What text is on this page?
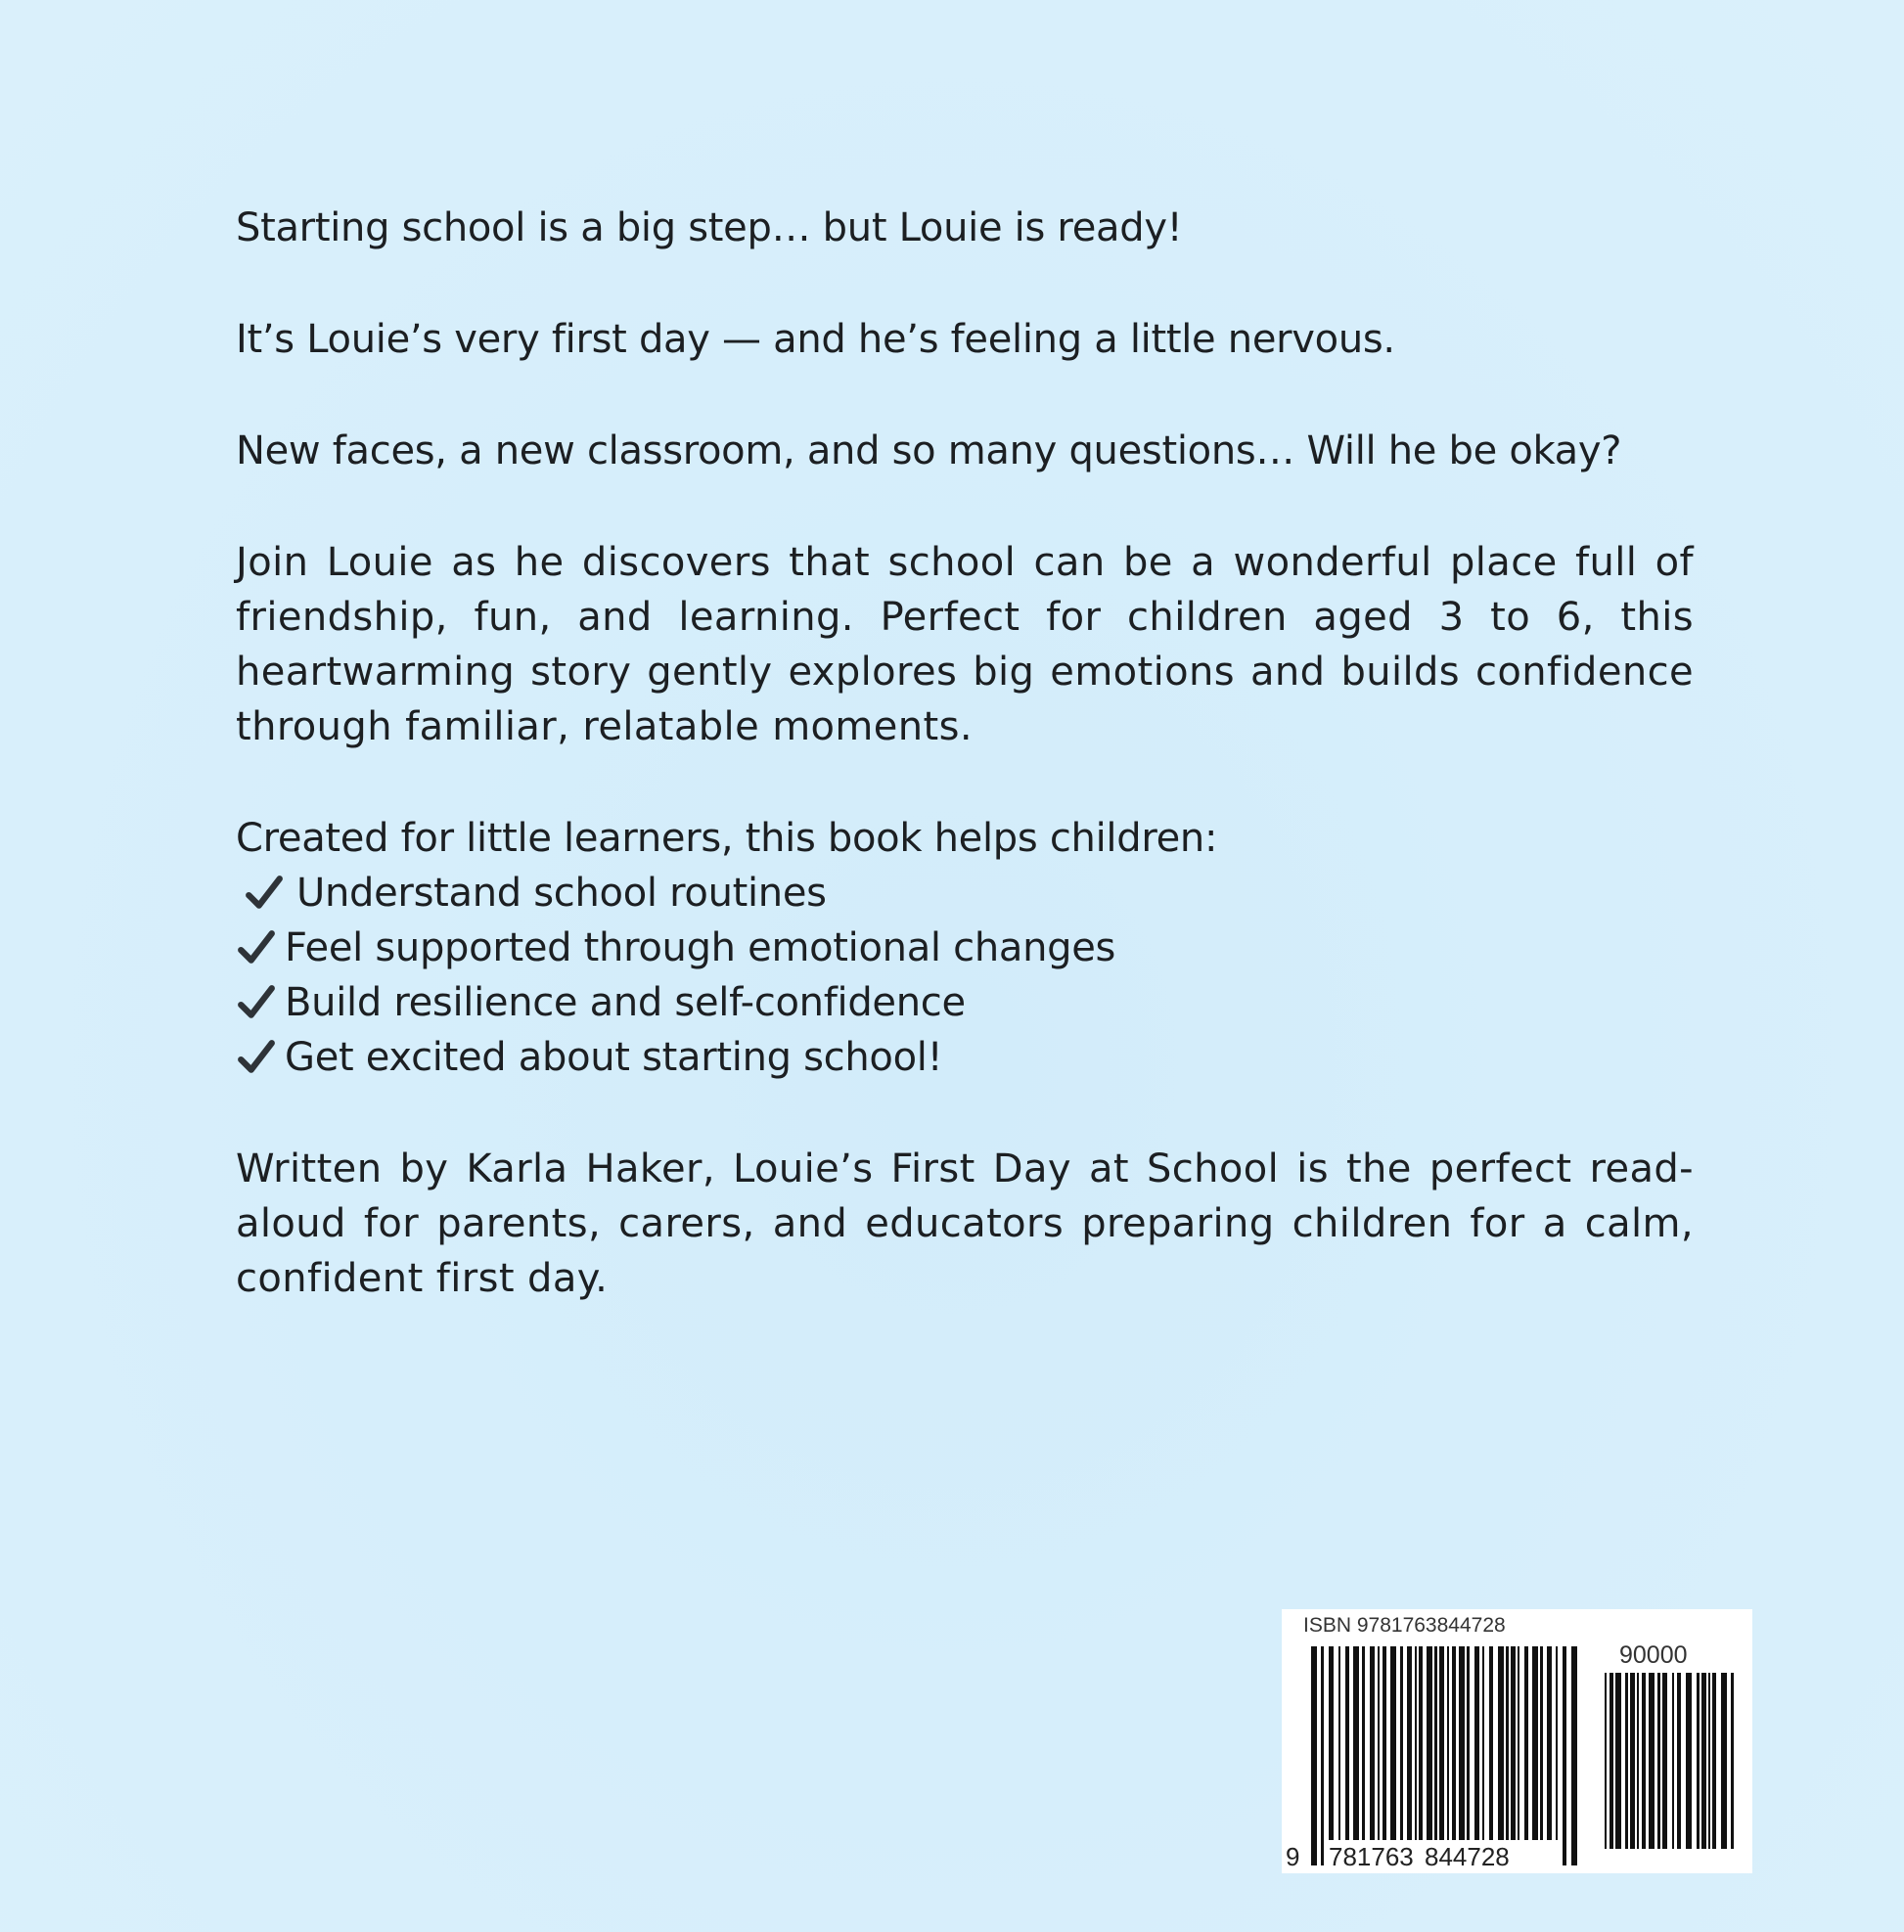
Starting school is a big step… but Louie is ready!

It’s Louie’s very first day — and he’s feeling a little nervous.

New faces, a new classroom, and so many questions… Will he be okay?

Join Louie as he discovers that school can be a wonderful place full of friendship, fun, and learning. Perfect for children aged 3 to 6, this heartwarming story gently explores big emotions and builds confidence through familiar, relatable moments.

Created for little learners, this book helps children:
Understand school routines
Feel supported through emotional changes
Build resilience and self-confidence
Get excited about starting school!

Written by Karla Haker, Louie’s First Day at School is the perfect read-aloud for parents, carers, and educators preparing children for a calm, confident first day.

ISBN 9781763844728
90000
9 781763 844728
